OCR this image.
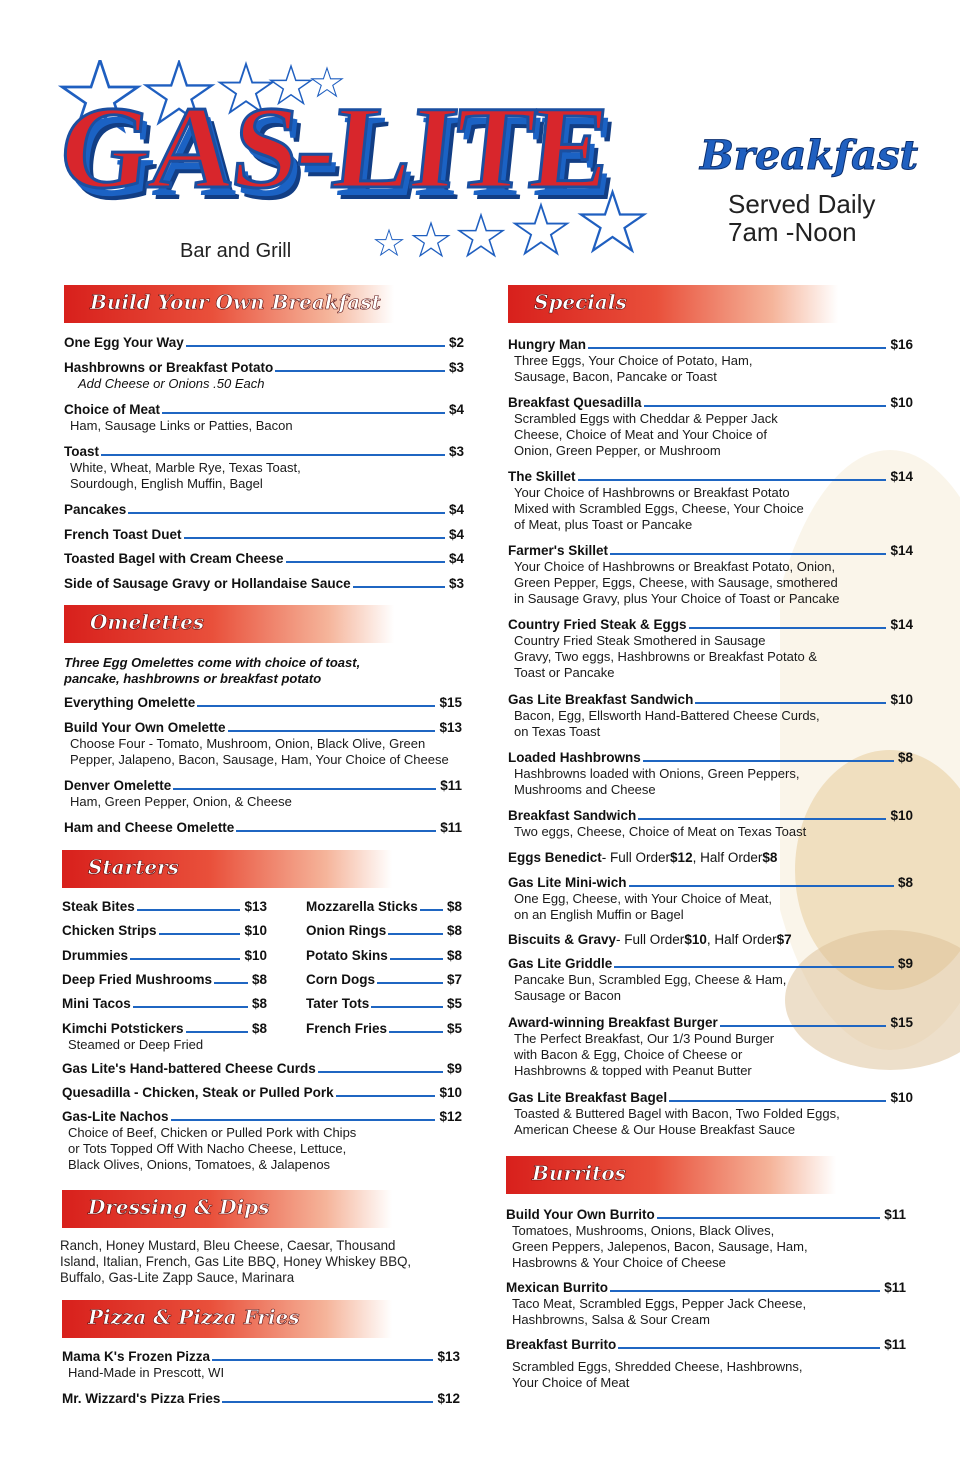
GAS-LITE
Bar and Grill
Breakfast
Served Daily
7am -Noon
Build Your Own Breakfast
One Egg Your Way	$2
Hashbrowns or Breakfast Potato	$3
Add Cheese or Onions .50 Each
Choice of Meat	$4
Ham, Sausage Links or Patties, Bacon
Toast	$3
White, Wheat, Marble Rye, Texas Toast,
Sourdough, English Muffin, Bagel
Pancakes	$4
French Toast Duet	$4
Toasted Bagel with Cream Cheese	$4
Side of Sausage Gravy or Hollandaise Sauce	$3
Omelettes
Three Egg Omelettes come with choice of toast,
pancake, hashbrowns or breakfast potato
Everything Omelette	$15
Build Your Own Omelette	$13
Choose Four - Tomato, Mushroom, Onion, Black Olive, Green
Pepper, Jalapeno, Bacon, Sausage, Ham, Your Choice of Cheese
Denver Omelette	$11
Ham, Green Pepper, Onion, & Cheese
Ham and Cheese Omelette	$11
Starters
Steak Bites	$13
Chicken Strips	$10
Drummies	$10
Deep Fried Mushrooms	$8
Mini Tacos	$8
Kimchi Potstickers	$8
Steamed or Deep Fried
Mozzarella Sticks $8
Onion Rings	$8
Potato Skins	$8
Corn Dogs	$7
Tater Tots	$5
French Fries	$5
Gas Lite's Hand-battered Cheese Curds	$9
Quesadilla - Chicken, Steak or Pulled Pork	$10
Gas-Lite Nachos	$12
Choice of Beef, Chicken or Pulled Pork with Chips
or Tots Topped Off With Nacho Cheese, Lettuce,
Black Olives, Onions, Tomatoes, & Jalapenos
Dressing & Dips
Ranch, Honey Mustard, Bleu Cheese, Caesar, Thousand
Island, Italian, French, Gas Lite BBQ, Honey Whiskey BBQ,
Buffalo, Gas-Lite Zapp Sauce, Marinara
Pizza & Pizza Fries
Mama K's Frozen Pizza	$13
Hand-Made in Prescott, WI
Mr. Wizzard's Pizza Fries	$12
Specials
Hungry Man	$16
Three Eggs, Your Choice of Potato, Ham,
Sausage, Bacon, Pancake or Toast
Breakfast Quesadilla	$10
Scrambled Eggs with Cheddar & Pepper Jack
Cheese, Choice of Meat and Your Choice of
Onion, Green Pepper, or Mushroom
The Skillet	$14
Your Choice of Hashbrowns or Breakfast Potato
Mixed with Scrambled Eggs, Cheese, Your Choice
of Meat, plus Toast or Pancake
Farmer's Skillet	$14
Your Choice of Hashbrowns or Breakfast Potato, Onion,
Green Pepper, Eggs, Cheese, with Sausage, smothered
in Sausage Gravy, plus Your Choice of Toast or Pancake
Country Fried Steak & Eggs	$14
Country Fried Steak Smothered in Sausage
Gravy, Two eggs, Hashbrowns or Breakfast Potato &
Toast or Pancake
Gas Lite Breakfast Sandwich	$10
Bacon, Egg, Ellsworth Hand-Battered Cheese Curds,
on Texas Toast
Loaded Hashbrowns	$8
Hashbrowns loaded with Onions, Green Peppers,
Mushrooms and Cheese
Breakfast Sandwich	$10
Two eggs, Cheese, Choice of Meat on Texas Toast
Eggs Benedict - Full Order $12 , Half Order $8
Gas Lite Mini-wich	$8
One Egg, Cheese, with Your Choice of Meat,
on an English Muffin or Bagel
Biscuits & Gravy - Full Order $10 , Half Order $7
Gas Lite Griddle	$9
Pancake Bun, Scrambled Egg, Cheese & Ham,
Sausage or Bacon
Award-winning Breakfast Burger	$15
The Perfect Breakfast, Our 1/3 Pound Burger
with Bacon & Egg, Choice of Cheese or
Hashbrowns & topped with Peanut Butter
Gas Lite Breakfast Bagel	$10
Toasted & Buttered Bagel with Bacon, Two Folded Eggs,
American Cheese & Our House Breakfast Sauce
Burritos
Build Your Own Burrito	$11
Tomatoes, Mushrooms, Onions, Black Olives,
Green Peppers, Jalepenos, Bacon, Sausage, Ham,
Hasbrowns & Your Choice of Cheese
Mexican Burrito	$11
Taco Meat, Scrambled Eggs, Pepper Jack Cheese,
Hashbrowns, Salsa & Sour Cream
Breakfast Burrito	$11
Scrambled Eggs, Shredded Cheese, Hashbrowns,
Your Choice of Meat
